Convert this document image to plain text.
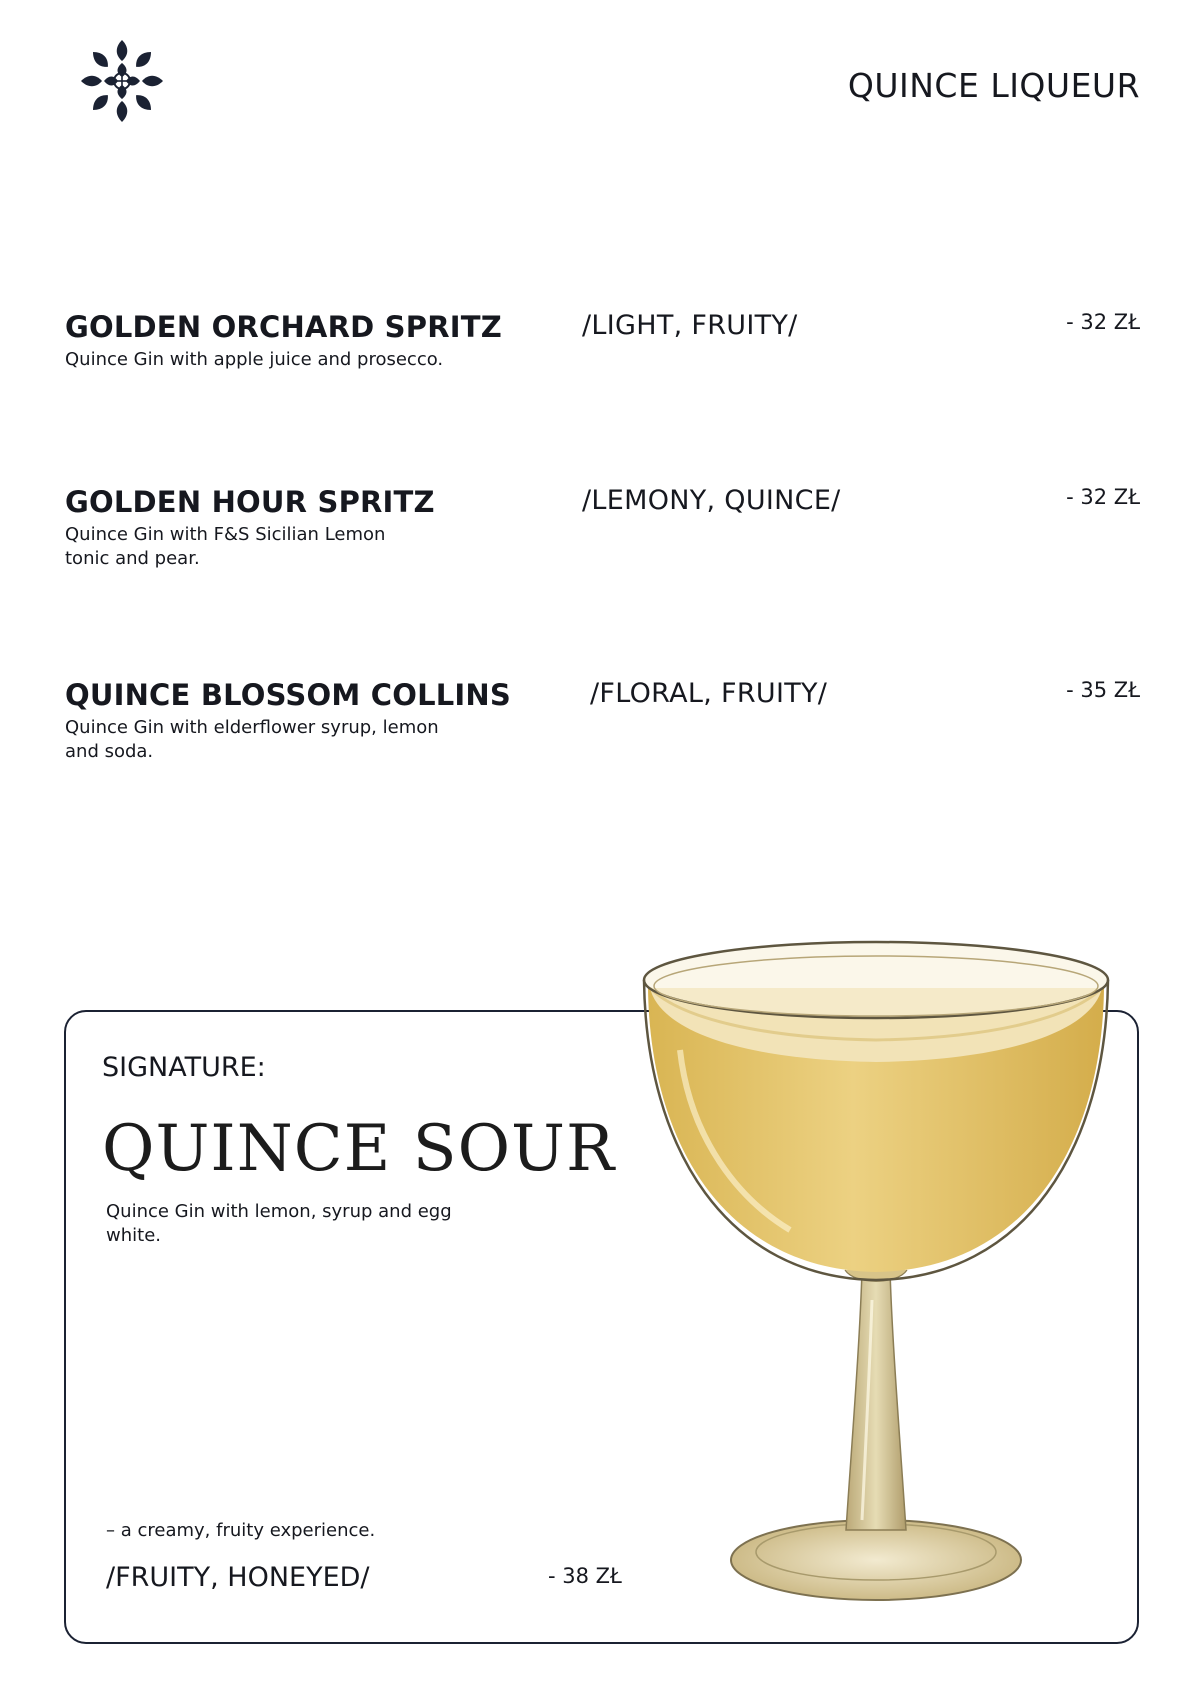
QUINCE LIQUEUR
GOLDEN ORCHARD SPRITZ
Quince Gin with apple juice and prosecco.
/LIGHT, FRUITY/	- 32 ZŁ
GOLDEN HOUR SPRITZ
Quince Gin with F&S Sicilian Lemon tonic and pear.
/LEMONY, QUINCE/	- 32 ZŁ
QUINCE BLOSSOM COLLINS
Quince Gin with elderflower syrup, lemon and soda.
/FLORAL, FRUITY/	- 35 ZŁ
SIGNATURE:
QUINCE SOUR
Quince Gin with lemon, syrup and egg white.
– a creamy, fruity experience.
/FRUITY, HONEYED/	- 38 ZŁ
